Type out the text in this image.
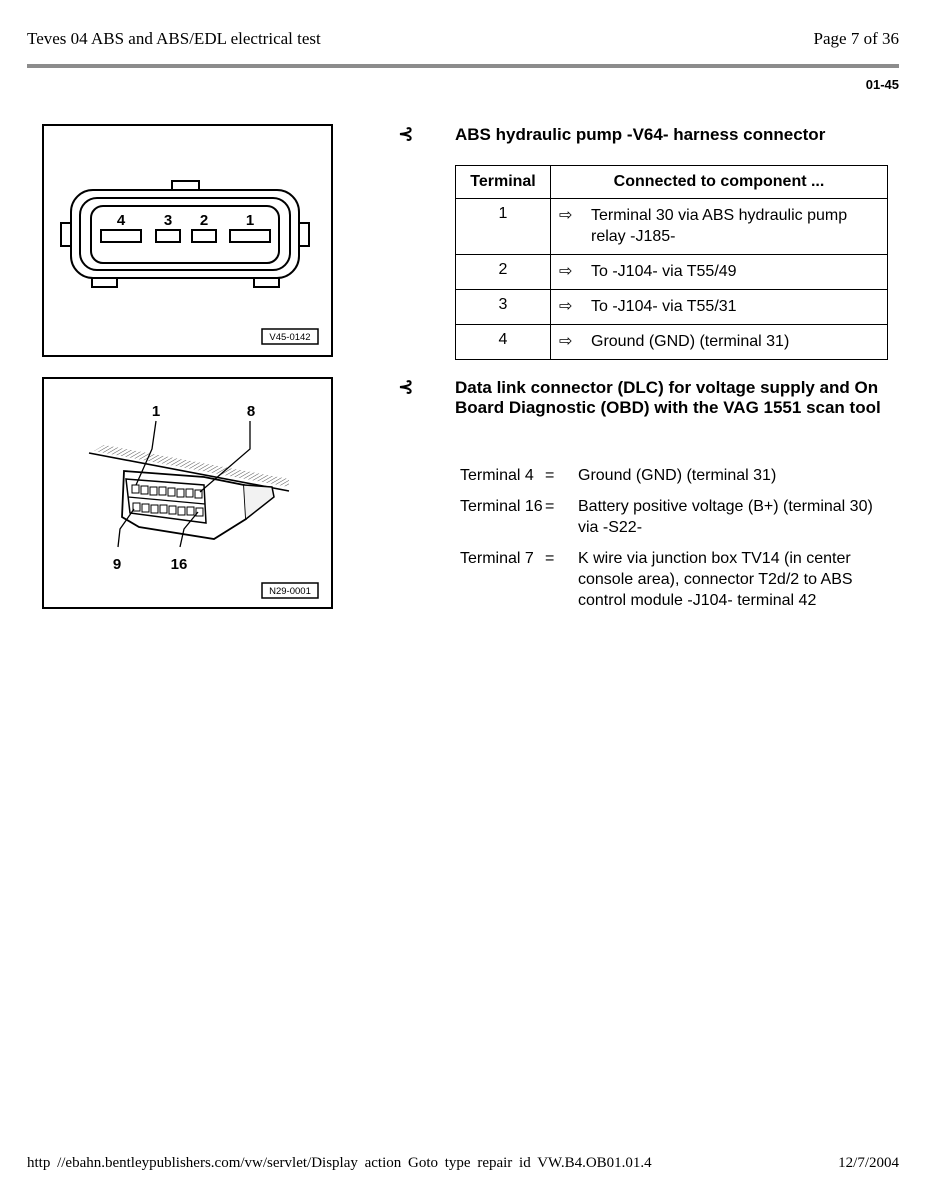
Teves 04 ABS and ABS/EDL electrical test	Page 7 of 36
01-45
4	3 2	1
V45-0142
⊰ ABS hydraulic pump -V64- harness connector
Terminal	Connected to component ...
1	⇨ Terminal 30 via ABS hydraulic pump relay -J185-
2	⇨ To -J104- via T55/49
3	⇨ To -J104- via T55/31
4	⇨ Ground (GND) (terminal 31)
1	8
9	16
N29-0001
⊰ Data link connector (DLC) for voltage supply and On Board Diagnostic (OBD) with the VAG 1551 scan tool
Terminal 4 =	Ground (GND) (terminal 31)
Terminal 16 =	Battery positive voltage (B+) (terminal 30) via -S22-
Terminal 7 =	K wire via junction box TV14 (in center console area), connector T2d/2 to ABS control module -J104- terminal 42
http //ebahn.bentleypublishers.com/vw/servlet/Display action Goto type repair id VW.B4.OB01.01.4	12/7/2004
